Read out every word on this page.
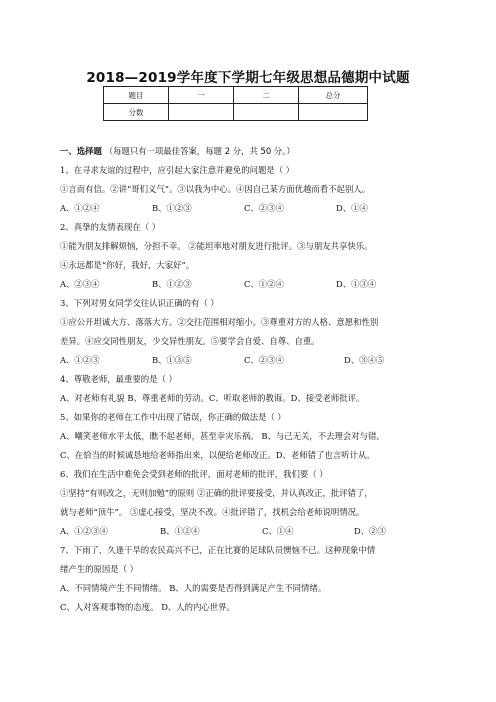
2018—2019学年度下学期七年级思想品德期中试题
题目	一	二	总分
分数			
一、选择题 （每题只有一项最佳答案，每题 2 分，共 50 分。）
1、在寻求友谊的过程中，应引起大家注意并避免的问题是（ ）
①言而有信。②讲“哥们义气”。③以我为中心。④因自己某方面优越而看不起别人。
A、①②④	B、①②③	C、②③④	D、①④
2、真挚的友情表现在（ ）
①能为朋友排解烦恼，分担不幸。 ②能坦率地对朋友进行批评。③与朋友共享快乐。
④永远都是“你好，我好，大家好”。
A、②③④	B、①②③	C、①②④	D、①③④
3、下列对男女同学交往认识正确的有（ ）
①应公开坦诚大方、落落大方。②交往范围相对缩小。③尊重对方的人格、意愿和性别
差异。④应交同性朋友，少交异性朋友。⑤要学会自爱、自尊、自重。
A、①②③	B、①③⑤	C、②③④	D、③④⑤
4、尊敬老师，最重要的是（ ）
A、对老师有礼貌 B、尊重老师的劳动。C、听取老师的教诲。D、接受老师批评。
5、如果你的老师在工作中出现了错误，你正确的做法是（ ）
A、嘲笑老师水平太低，瞧不起老师，甚至幸灾乐祸。 B、与己无关，不去理会对与错。
C、在恰当的时候诚恳地给老师指出来，以便给老师改正。D、老师错了也言听计从。
6、我们在生活中难免会受到老师的批评，面对老师的批评，我们要（ ）
①坚持“有则改之，无则加勉”的原则 ②正确的批评要接受，并认真改正，批评错了，
就与老师“顶牛”。 ③虚心接受，坚决不改。④批评错了，找机会给老师说明情况。
A、①②③④	B、①②④	C、①④	D、②③
7、下雨了，久逢干旱的农民高兴不已，正在比赛的足球队员懊恼不已。这种现象中情
绪产生的原因是（ ）
A、不同情境产生不同情绪。 B、人的需要是否得到满足产生不同情绪。
C、人对客观事物的态度。 D、人的内心世界。
